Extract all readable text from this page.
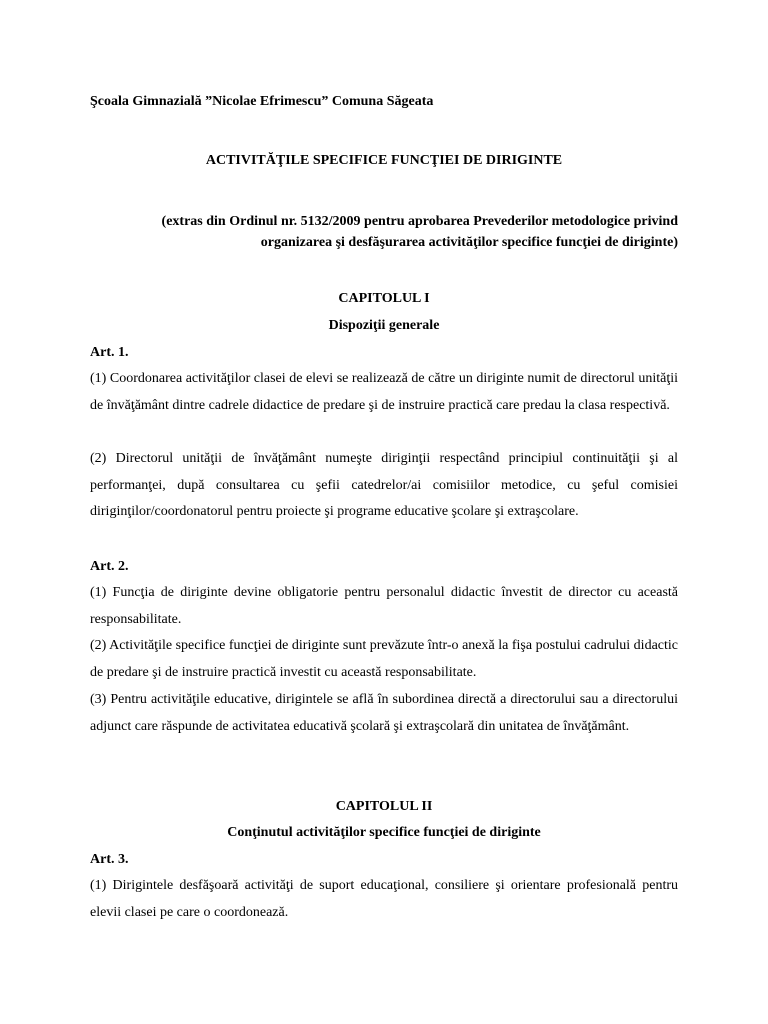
Şcoala Gimnazială ”Nicolae Efrimescu” Comuna Săgeata

ACTIVITĂŢILE SPECIFICE FUNCŢIEI DE DIRIGINTE

(extras din Ordinul nr. 5132/2009 pentru aprobarea Prevederilor metodologice privind

organizarea şi desfăşurarea activităţilor specifice funcţiei de diriginte)

CAPITOLUL I

Dispoziţii generale

Art. 1.

(1) Coordonarea activităţilor clasei de elevi se realizează de către un diriginte numit de directorul unităţii de învăţământ dintre cadrele didactice de predare şi de instruire practică care predau la clasa respectivă.

(2) Directorul unităţii de învăţământ numeşte diriginţii respectând principiul continuităţii şi al performanţei, după consultarea cu şefii catedrelor/ai comisiilor metodice, cu şeful comisiei diriginţilor/coordonatorul pentru proiecte şi programe educative şcolare şi extraşcolare.

Art. 2.

(1) Funcţia de diriginte devine obligatorie pentru personalul didactic învestit de director cu această responsabilitate.

(2) Activităţile specifice funcţiei de diriginte sunt prevăzute într-o anexă la fişa postului cadrului didactic de predare şi de instruire practică investit cu această responsabilitate.

(3) Pentru activităţile educative, dirigintele se află în subordinea directă a directorului sau a directorului adjunct care răspunde de activitatea educativă şcolară şi extraşcolară din unitatea de învăţământ.

CAPITOLUL II

Conţinutul activităţilor specifice funcţiei de diriginte

Art. 3.

(1) Dirigintele desfăşoară activităţi de suport educaţional, consiliere şi orientare profesională pentru elevii clasei pe care o coordonează.
